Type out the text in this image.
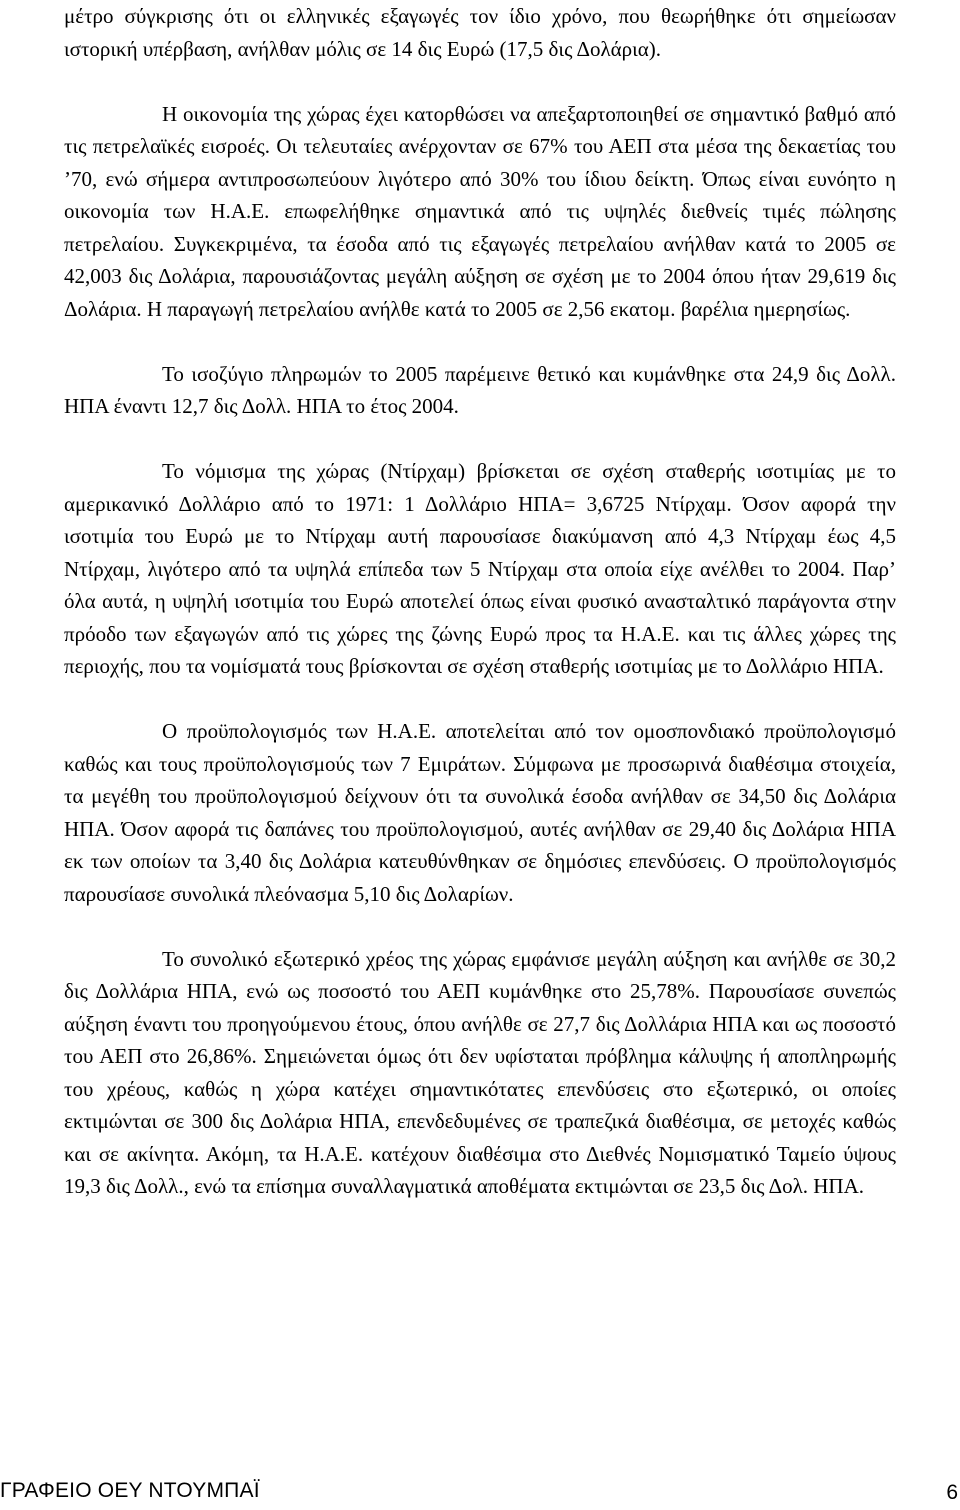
μέτρο σύγκρισης ότι οι ελληνικές εξαγωγές τον ίδιο χρόνο, που θεωρήθηκε ότι σημείωσαν ιστορική υπέρβαση, ανήλθαν μόλις σε 14 δις Ευρώ (17,5 δις Δολάρια).

Η οικονομία της χώρας έχει κατορθώσει να απεξαρτοποιηθεί σε σημαντικό βαθμό από τις πετρελαϊκές εισροές. Οι τελευταίες ανέρχονταν σε 67% του ΑΕΠ στα μέσα της δεκαετίας του ’70, ενώ σήμερα αντιπροσωπεύουν λιγότερο από 30% του ίδιου δείκτη. Όπως είναι ευνόητο η οικονομία των Η.Α.Ε. επωφελήθηκε σημαντικά από τις υψηλές διεθνείς τιμές πώλησης πετρελαίου. Συγκεκριμένα, τα έσοδα από τις εξαγωγές πετρελαίου ανήλθαν κατά το 2005 σε 42,003 δις Δολάρια, παρουσιάζοντας μεγάλη αύξηση σε σχέση με το 2004 όπου ήταν 29,619 δις Δολάρια. Η παραγωγή πετρελαίου ανήλθε κατά το 2005 σε 2,56 εκατομ. βαρέλια ημερησίως.

Το ισοζύγιο πληρωμών το 2005 παρέμεινε θετικό και κυμάνθηκε στα 24,9 δις Δολλ. ΗΠΑ έναντι 12,7 δις Δολλ. ΗΠΑ το έτος 2004.

Το νόμισμα της χώρας (Ντίρχαμ) βρίσκεται σε σχέση σταθερής ισοτιμίας με το αμερικανικό Δολλάριο από το 1971: 1 Δολλάριο ΗΠΑ= 3,6725 Ντίρχαμ. Όσον αφορά την ισοτιμία του Ευρώ με το Ντίρχαμ αυτή παρουσίασε διακύμανση από 4,3 Ντίρχαμ έως 4,5 Ντίρχαμ, λιγότερο από τα υψηλά επίπεδα των 5 Ντίρχαμ στα οποία είχε ανέλθει το 2004. Παρ’ όλα αυτά, η υψηλή ισοτιμία του Ευρώ αποτελεί όπως είναι φυσικό ανασταλτικό παράγοντα στην πρόοδο των εξαγωγών από τις χώρες της ζώνης Ευρώ προς τα Η.Α.Ε. και τις άλλες χώρες της περιοχής, που τα νομίσματά τους βρίσκονται σε σχέση σταθερής ισοτιμίας με το Δολλάριο ΗΠΑ.

Ο προϋπολογισμός των Η.Α.Ε. αποτελείται από τον ομοσπονδιακό προϋπολογισμό καθώς και τους προϋπολογισμούς των 7 Εμιράτων. Σύμφωνα με προσωρινά διαθέσιμα στοιχεία, τα μεγέθη του προϋπολογισμού δείχνουν ότι τα συνολικά έσοδα ανήλθαν σε 34,50 δις Δολάρια ΗΠΑ. Όσον αφορά τις δαπάνες του προϋπολογισμού, αυτές ανήλθαν σε 29,40 δις Δολάρια ΗΠΑ εκ των οποίων τα 3,40 δις Δολάρια κατευθύνθηκαν σε δημόσιες επενδύσεις. Ο προϋπολογισμός παρουσίασε συνολικά πλεόνασμα 5,10 δις Δολαρίων.

Το συνολικό εξωτερικό χρέος της χώρας εμφάνισε μεγάλη αύξηση και ανήλθε σε 30,2 δις Δολλάρια ΗΠΑ, ενώ ως ποσοστό του ΑΕΠ κυμάνθηκε στο 25,78%. Παρουσίασε συνεπώς αύξηση έναντι του προηγούμενου έτους, όπου ανήλθε σε 27,7 δις Δολλάρια ΗΠΑ και ως ποσοστό του ΑΕΠ στο 26,86%. Σημειώνεται όμως ότι δεν υφίσταται πρόβλημα κάλυψης ή αποπληρωμής του χρέους, καθώς η χώρα κατέχει σημαντικότατες επενδύσεις στο εξωτερικό, οι οποίες εκτιμώνται σε 300 δις Δολάρια ΗΠΑ, επενδεδυμένες σε τραπεζικά διαθέσιμα, σε μετοχές καθώς και σε ακίνητα. Ακόμη, τα Η.Α.Ε. κατέχουν διαθέσιμα στο Διεθνές Νομισματικό Ταμείο ύψους 19,3 δις Δολλ., ενώ τα επίσημα συναλλαγματικά αποθέματα εκτιμώνται σε 23,5 δις Δολ. ΗΠΑ.

ΓΡΑΦΕΙΟ ΟΕΥ ΝΤΟΥΜΠΑΪ	6
